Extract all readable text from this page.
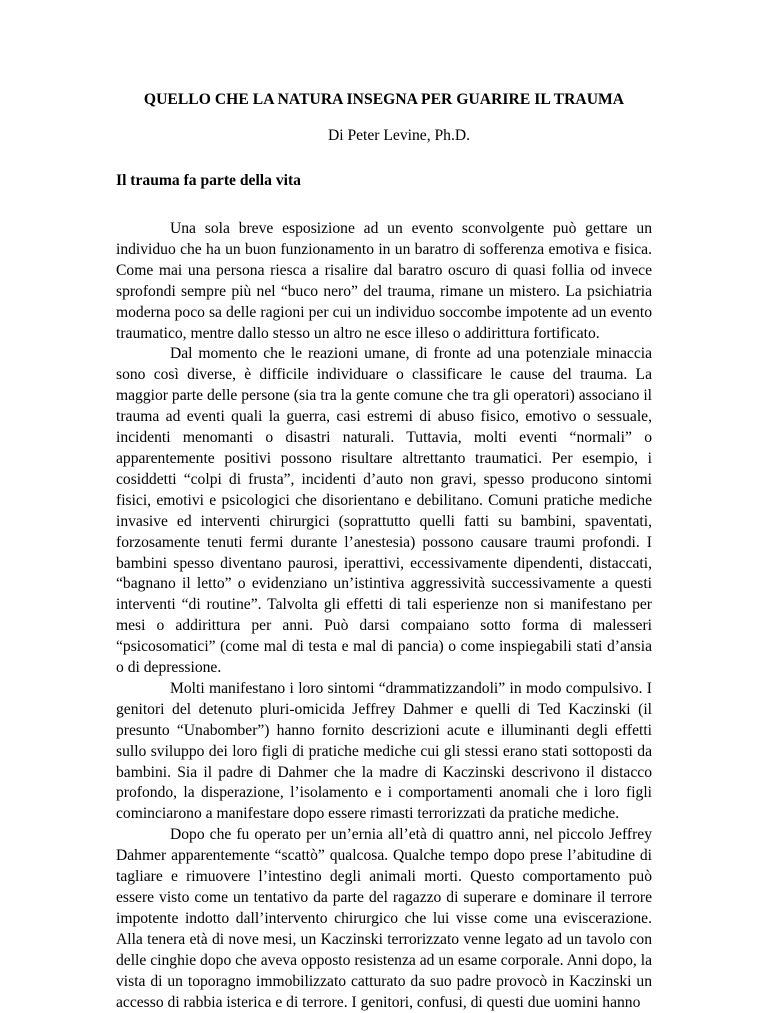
QUELLO CHE LA NATURA INSEGNA PER GUARIRE IL TRAUMA
Di Peter Levine, Ph.D.
Il trauma fa parte della vita

Una sola breve esposizione ad un evento sconvolgente può gettare un individuo che ha un buon funzionamento in un baratro di sofferenza emotiva e fisica. Come mai una persona riesca a risalire dal baratro oscuro di quasi follia od invece sprofondi sempre più nel “buco nero” del trauma, rimane un mistero. La psichiatria moderna poco sa delle ragioni per cui un individuo soccombe impotente ad un evento traumatico, mentre dallo stesso un altro ne esce illeso o addirittura fortificato.

Dal momento che le reazioni umane, di fronte ad una potenziale minaccia sono così diverse, è difficile individuare o classificare le cause del trauma. La maggior parte delle persone (sia tra la gente comune che tra gli operatori) associano il trauma ad eventi quali la guerra, casi estremi di abuso fisico, emotivo o sessuale, incidenti menomanti o disastri naturali. Tuttavia, molti eventi “normali” o apparentemente positivi possono risultare altrettanto traumatici. Per esempio, i cosiddetti “colpi di frusta”, incidenti d’auto non gravi, spesso producono sintomi fisici, emotivi e psicologici che disorientano e debilitano. Comuni pratiche mediche invasive ed interventi chirurgici (soprattutto quelli fatti su bambini, spaventati, forzosamente tenuti fermi durante l’anestesia) possono causare traumi profondi. I bambini spesso diventano paurosi, iperattivi, eccessivamente dipendenti, distaccati, “bagnano il letto” o evidenziano un’istintiva aggressività successivamente a questi interventi “di routine”. Talvolta gli effetti di tali esperienze non si manifestano per mesi o addirittura per anni. Può darsi compaiano sotto forma di malesseri “psicosomatici” (come mal di testa e mal di pancia) o come inspiegabili stati d’ansia o di depressione.

Molti manifestano i loro sintomi “drammatizzandoli” in modo compulsivo. I genitori del detenuto pluri-omicida Jeffrey Dahmer e quelli di Ted Kaczinski (il presunto “Unabomber”) hanno fornito descrizioni acute e illuminanti degli effetti sullo sviluppo dei loro figli di pratiche mediche cui gli stessi erano stati sottoposti da bambini. Sia il padre di Dahmer che la madre di Kaczinski descrivono il distacco profondo, la disperazione, l’isolamento e i comportamenti anomali che i loro figli cominciarono a manifestare dopo essere rimasti terrorizzati da pratiche mediche.

Dopo che fu operato per un’ernia all’età di quattro anni, nel piccolo Jeffrey Dahmer apparentemente “scattò” qualcosa. Qualche tempo dopo prese l’abitudine di tagliare e rimuovere l’intestino degli animali morti. Questo comportamento può essere visto come un tentativo da parte del ragazzo di superare e dominare il terrore impotente indotto dall’intervento chirurgico che lui visse come una eviscerazione. Alla tenera età di nove mesi, un Kaczinski terrorizzato venne legato ad un tavolo con delle cinghie dopo che aveva opposto resistenza ad un esame corporale. Anni dopo, la vista di un toporagno immobilizzato catturato da suo padre provocò in Kaczinski un accesso di rabbia isterica e di terrore. I genitori, confusi, di questi due uomini hanno
